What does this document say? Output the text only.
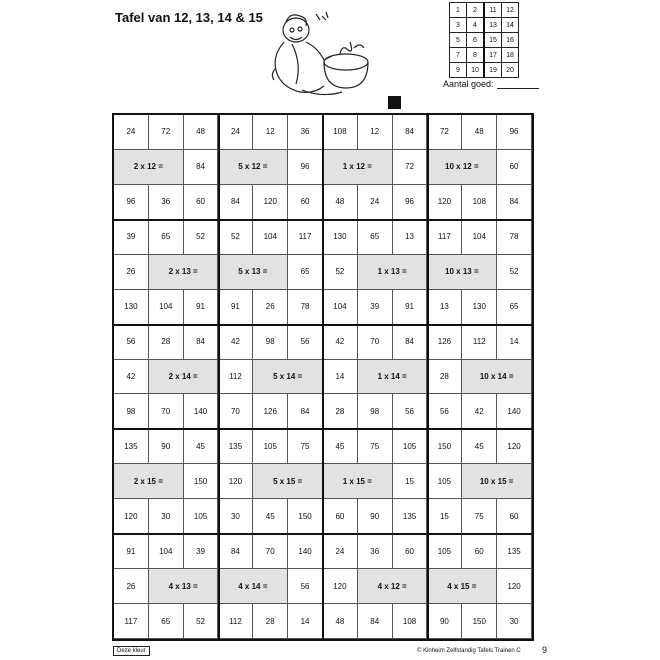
Tafel van 12, 13, 14 & 15	1	2	11	12
3	4	13	14
5	6	15	16
7	8	17	18
9	10	19	20
Aantal goed:
24	72	48	24	12	36	108	12	84	72	48	96
2 x 12 =	84	5 x 12 =	96	1 x 12 =	72	10 x 12 =	60
96	36	60	84	120	60	48	24	96	120	108	84
39	65	52	52	104	117	130	65	13	117	104	78
26	2 x 13 =	5 x 13 =	65	52	1 x 13 =	10 x 13 =	52
130	104	91	91	26	78	104	39	91	13	130	65
56	28	84	42	98	56	42	70	84	126	112	14
42	2 x 14 =	112	5 x 14 =	14	1 x 14 =	28	10 x 14 =
98	70	140	70	126	84	28	98	56	56	42	140
135	90	45	135	105	75	45	75	105	150	45	120
2 x 15 =	150	120	5 x 15 =	1 x 15 =	15	105	10 x 15 =
120	30	105	30	45	150	60	90	135	15	75	60
91	104	39	84	70	140	24	36	60	105	60	135
26	4 x 13 =	4 x 14 =	56	120	4 x 12 =	4 x 15 =	120
117	65	52	112	28	14	48	84	108	90	150	30
Deze kleur	© Kinheim Zelfstandig Tafels Trainen C 9
